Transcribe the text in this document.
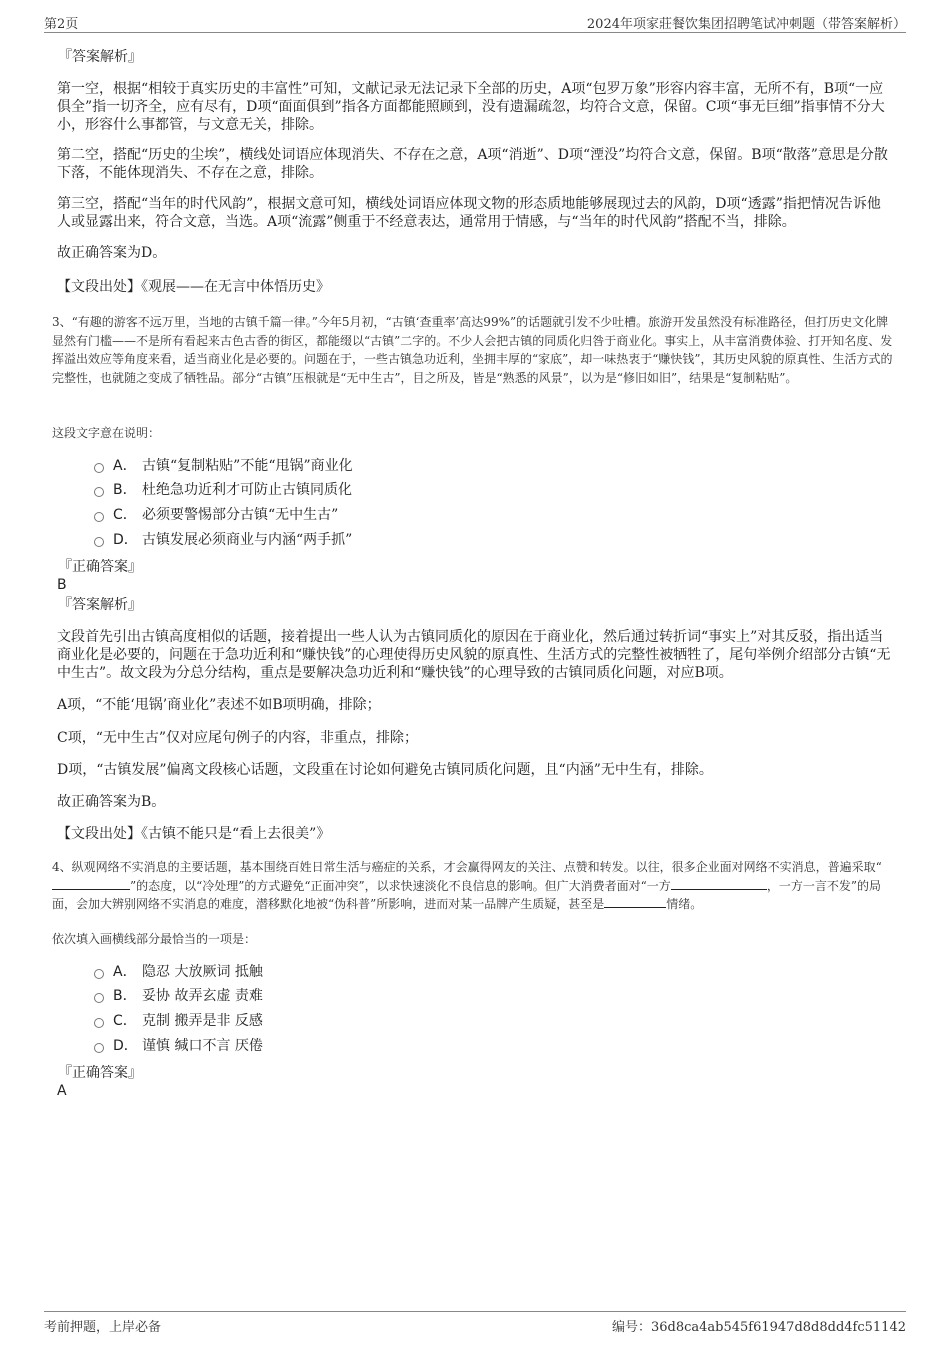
第2页	2024年项家莊餐饮集团招聘笔试冲刺题（带答案解析）

『答案解析』

第一空，根据“相较于真实历史的丰富性”可知，文献记录无法记录下全部的历史，A项“包罗万象”形容内容丰富，无所不有，B项“一应俱全”指一切齐全，应有尽有，D项“面面俱到”指各方面都能照顾到，没有遗漏疏忽，均符合文意，保留。C项“事无巨细”指事情不分大小，形容什么事都管，与文意无关，排除。

第二空，搭配“历史的尘埃”，横线处词语应体现消失、不存在之意，A项“消逝”、D项“湮没”均符合文意，保留。B项“散落”意思是分散下落，不能体现消失、不存在之意，排除。

第三空，搭配“当年的时代风韵”，根据文意可知，横线处词语应体现文物的形态质地能够展现过去的风韵，D项“透露”指把情况告诉他人或显露出来，符合文意，当选。A项“流露”侧重于不经意表达，通常用于情感，与“当年的时代风韵”搭配不当，排除。

故正确答案为D。

【文段出处】《观展——在无言中体悟历史》

3、“有趣的游客不远万里，当地的古镇千篇一律。”今年5月初，“古镇‘查重率’高达99%”的话题就引发不少吐槽。旅游开发虽然没有标准路径，但打历史文化牌显然有门槛——不是所有看起来古色古香的街区，都能缀以“古镇”二字的。不少人会把古镇的同质化归咎于商业化。事实上，从丰富消费体验、打开知名度、发挥溢出效应等角度来看，适当商业化是必要的。问题在于，一些古镇急功近利，坐拥丰厚的“家底”，却一味热衷于“赚快钱”，其历史风貌的原真性、生活方式的完整性，也就随之变成了牺牲品。部分“古镇”压根就是“无中生古”，目之所及，皆是“熟悉的风景”，以为是“修旧如旧”，结果是“复制粘贴”。

这段文字意在说明：

A． 古镇“复制粘贴”不能“甩锅”商业化
B． 杜绝急功近利才可防止古镇同质化
C． 必须要警惕部分古镇“无中生古”
D． 古镇发展必须商业与内涵“两手抓”

『正确答案』

B

『答案解析』

文段首先引出古镇高度相似的话题，接着提出一些人认为古镇同质化的原因在于商业化，然后通过转折词“事实上”对其反驳，指出适当商业化是必要的，问题在于急功近利和“赚快钱”的心理使得历史风貌的原真性、生活方式的完整性被牺牲了，尾句举例介绍部分古镇“无中生古”。故文段为分总分结构，重点是要解决急功近利和“赚快钱”的心理导致的古镇同质化问题，对应B项。

A项，“不能‘甩锅’商业化”表述不如B项明确，排除；

C项，“无中生古”仅对应尾句例子的内容，非重点，排除；

D项，“古镇发展”偏离文段核心话题，文段重在讨论如何避免古镇同质化问题，且“内涵”无中生有，排除。

故正确答案为B。

【文段出处】《古镇不能只是“看上去很美”》

4、纵观网络不实消息的主要话题，基本围绕百姓日常生活与癌症的关系，才会赢得网友的关注、点赞和转发。以往，很多企业面对网络不实消息，普遍采取“”的态度，以“冷处理”的方式避免“正面冲突”，以求快速淡化不良信息的影响。但广大消费者面对“一方	，一方一言不发”的局面，会加大辨别网络不实消息的难度，潜移默化地被“伪科普”所影响，进而对某一品牌产生质疑，甚至是	情绪。

依次填入画横线部分最恰当的一项是：

A． 隐忍 大放厥词 抵触
B． 妥协 故弄玄虚 责难
C． 克制 搬弄是非 反感
D． 谨慎 缄口不言 厌倦

『正确答案』

A

考前押题，上岸必备	编号：36d8ca4ab545f61947d8d8dd4fc51142
